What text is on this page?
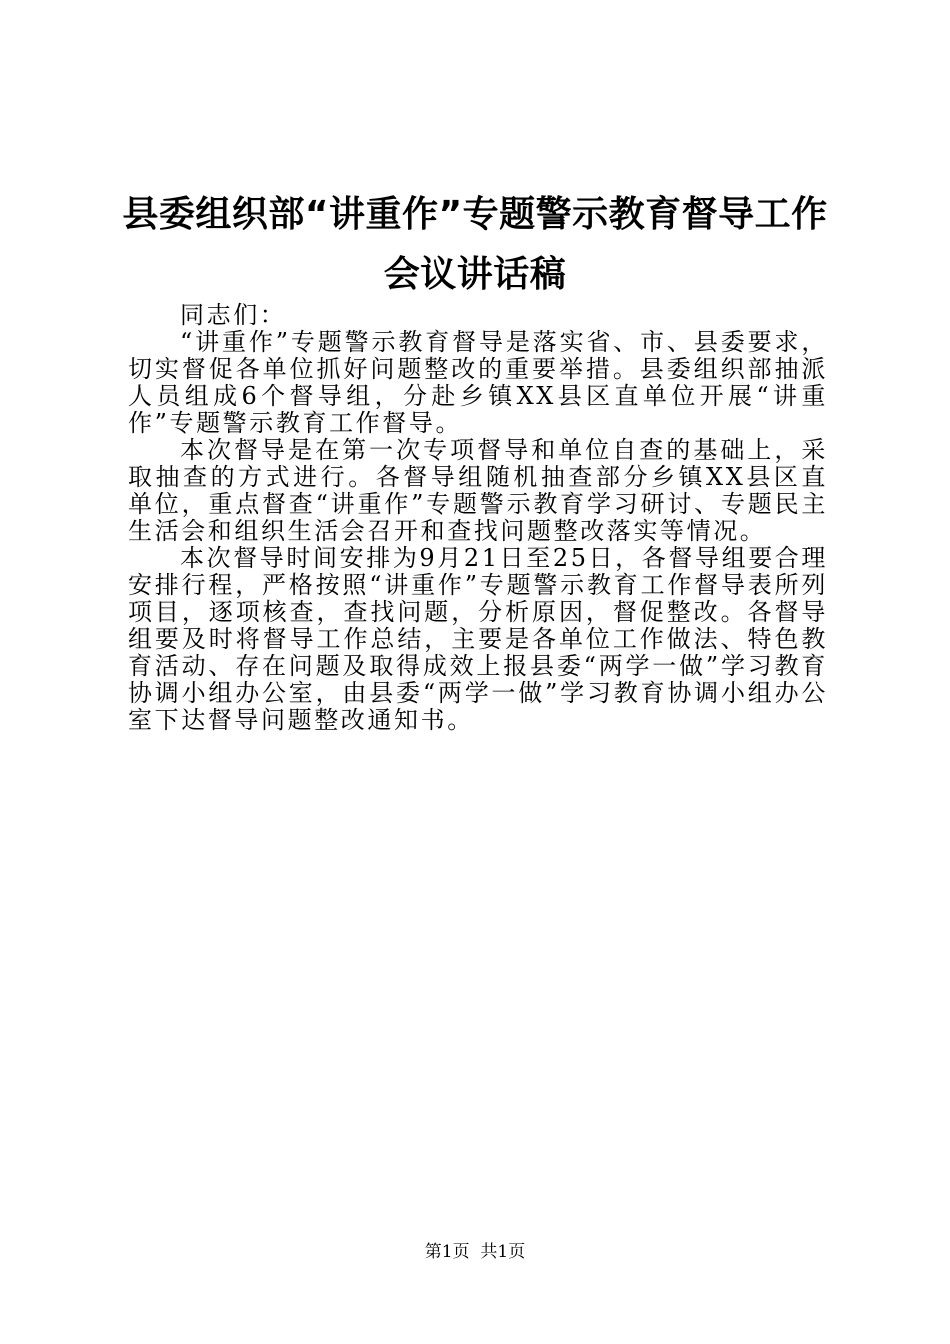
县委组织部“讲重作”专题警示教育督导工作
会议讲话稿

同志们：

“讲重作”专题警示教育督导是落实省、市、县委要求，切实督促各单位抓好问题整改的重要举措。县委组织部抽派人员组成6个督导组，分赴乡镇XX县区直单位开展“讲重作”专题警示教育工作督导。

本次督导是在第一次专项督导和单位自查的基础上，采取抽查的方式进行。各督导组随机抽查部分乡镇XX县区直单位，重点督查“讲重作”专题警示教育学习研讨、专题民主生活会和组织生活会召开和查找问题整改落实等情况。

本次督导时间安排为9月21日至25日，各督导组要合理安排行程，严格按照“讲重作”专题警示教育工作督导表所列项目，逐项核查，查找问题，分析原因，督促整改。各督导组要及时将督导工作总结，主要是各单位工作做法、特色教育活动、存在问题及取得成效上报县委“两学一做”学习教育协调小组办公室，由县委“两学一做”学习教育协调小组办公室下达督导问题整改通知书。

第1页  共1页
